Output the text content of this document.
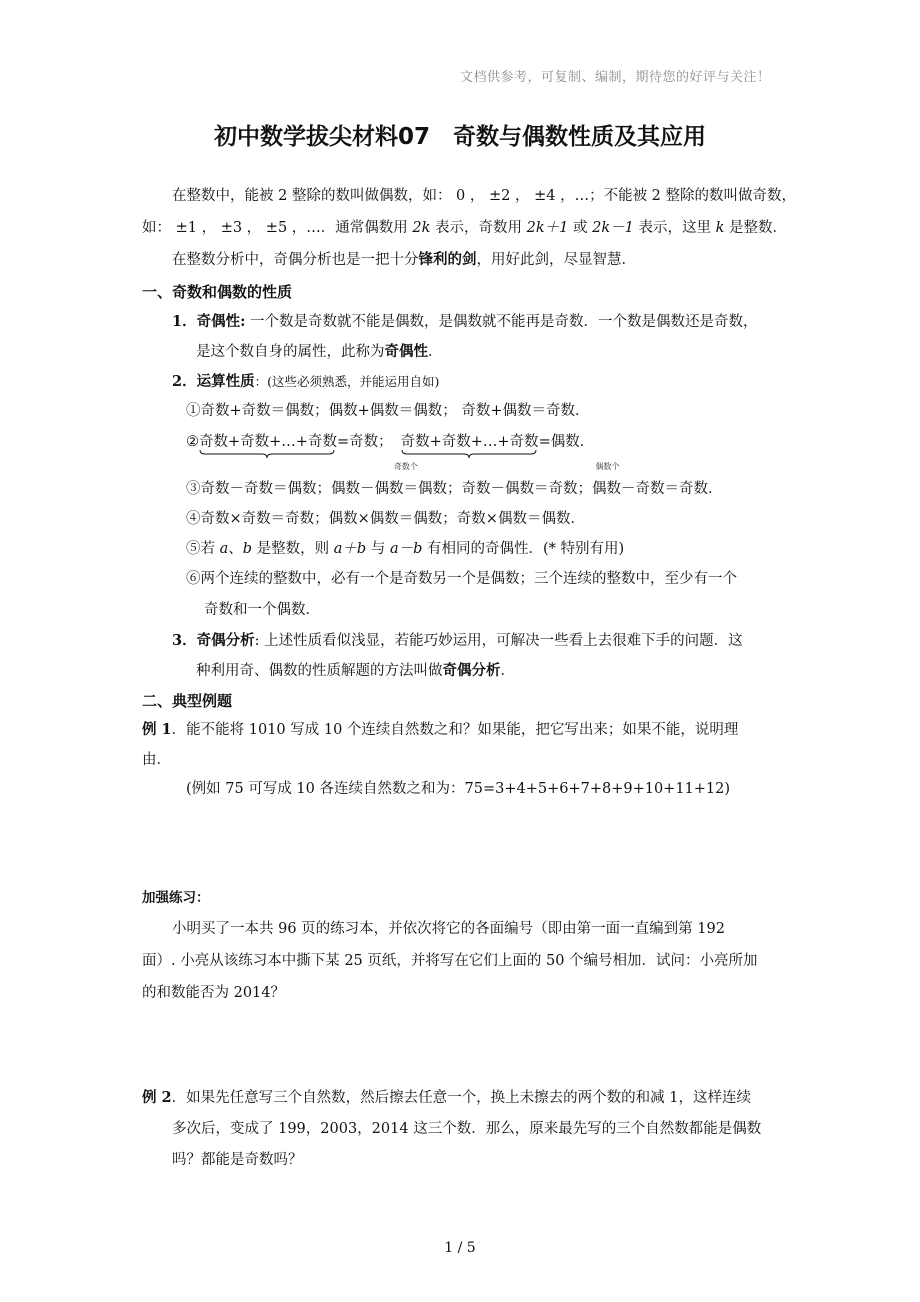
文档供参考，可复制、编制，期待您的好评与关注！
初中数学拔尖材料07　奇数与偶数性质及其应用
在整数中，能被 2 整除的数叫做偶数，如： 0 ， ±2 ， ±4 ，…；不能被 2 整除的数叫做奇数，
如： ±1 ， ±3 ， ±5 ，…．通常偶数用 2k 表示，奇数用 2k＋1 或 2k－1 表示，这里 k 是整数．
在整数分析中，奇偶分析也是一把十分锋利的剑，用好此剑，尽显智慧．
一、奇数和偶数的性质
1．奇偶性: 一个数是奇数就不能是偶数，是偶数就不能再是奇数．一个数是偶数还是奇数，
是这个数自身的属性，此称为奇偶性．
2．运算性质：(这些必须熟悉，并能运用自如)
①奇数+奇数＝偶数；偶数+偶数＝偶数； 奇数+偶数＝奇数．
②奇数+奇数+…+奇数
奇数个
=奇数； 奇数+奇数+…+奇数
偶数个
=偶数．
③奇数－奇数＝偶数；偶数－偶数＝偶数；奇数－偶数＝奇数；偶数－奇数＝奇数．
④奇数×奇数＝奇数；偶数×偶数＝偶数；奇数×偶数＝偶数．
⑤若 a、b 是整数，则 a＋b 与 a－b 有相同的奇偶性．(* 特别有用)
⑥两个连续的整数中，必有一个是奇数另一个是偶数；三个连续的整数中，至少有一个
奇数和一个偶数．
3．奇偶分析: 上述性质看似浅显，若能巧妙运用，可解决一些看上去很难下手的问题．这
种利用奇、偶数的性质解题的方法叫做奇偶分析．
二、典型例题
例 1．能不能将 1010 写成 10 个连续自然数之和？如果能，把它写出来；如果不能，说明理
由．
(例如 75 可写成 10 各连续自然数之和为：75=3+4+5+6+7+8+9+10+11+12)
加强练习：
小明买了一本共 96 页的练习本，并依次将它的各面编号（即由第一面一直编到第 192
面）. 小亮从该练习本中撕下某 25 页纸，并将写在它们上面的 50 个编号相加．试问：小亮所加
的和数能否为 2014？
例 2．如果先任意写三个自然数，然后擦去任意一个，换上未擦去的两个数的和减 1，这样连续
多次后，变成了 199，2003，2014 这三个数．那么，原来最先写的三个自然数都能是偶数
吗？都能是奇数吗？
1 / 5
